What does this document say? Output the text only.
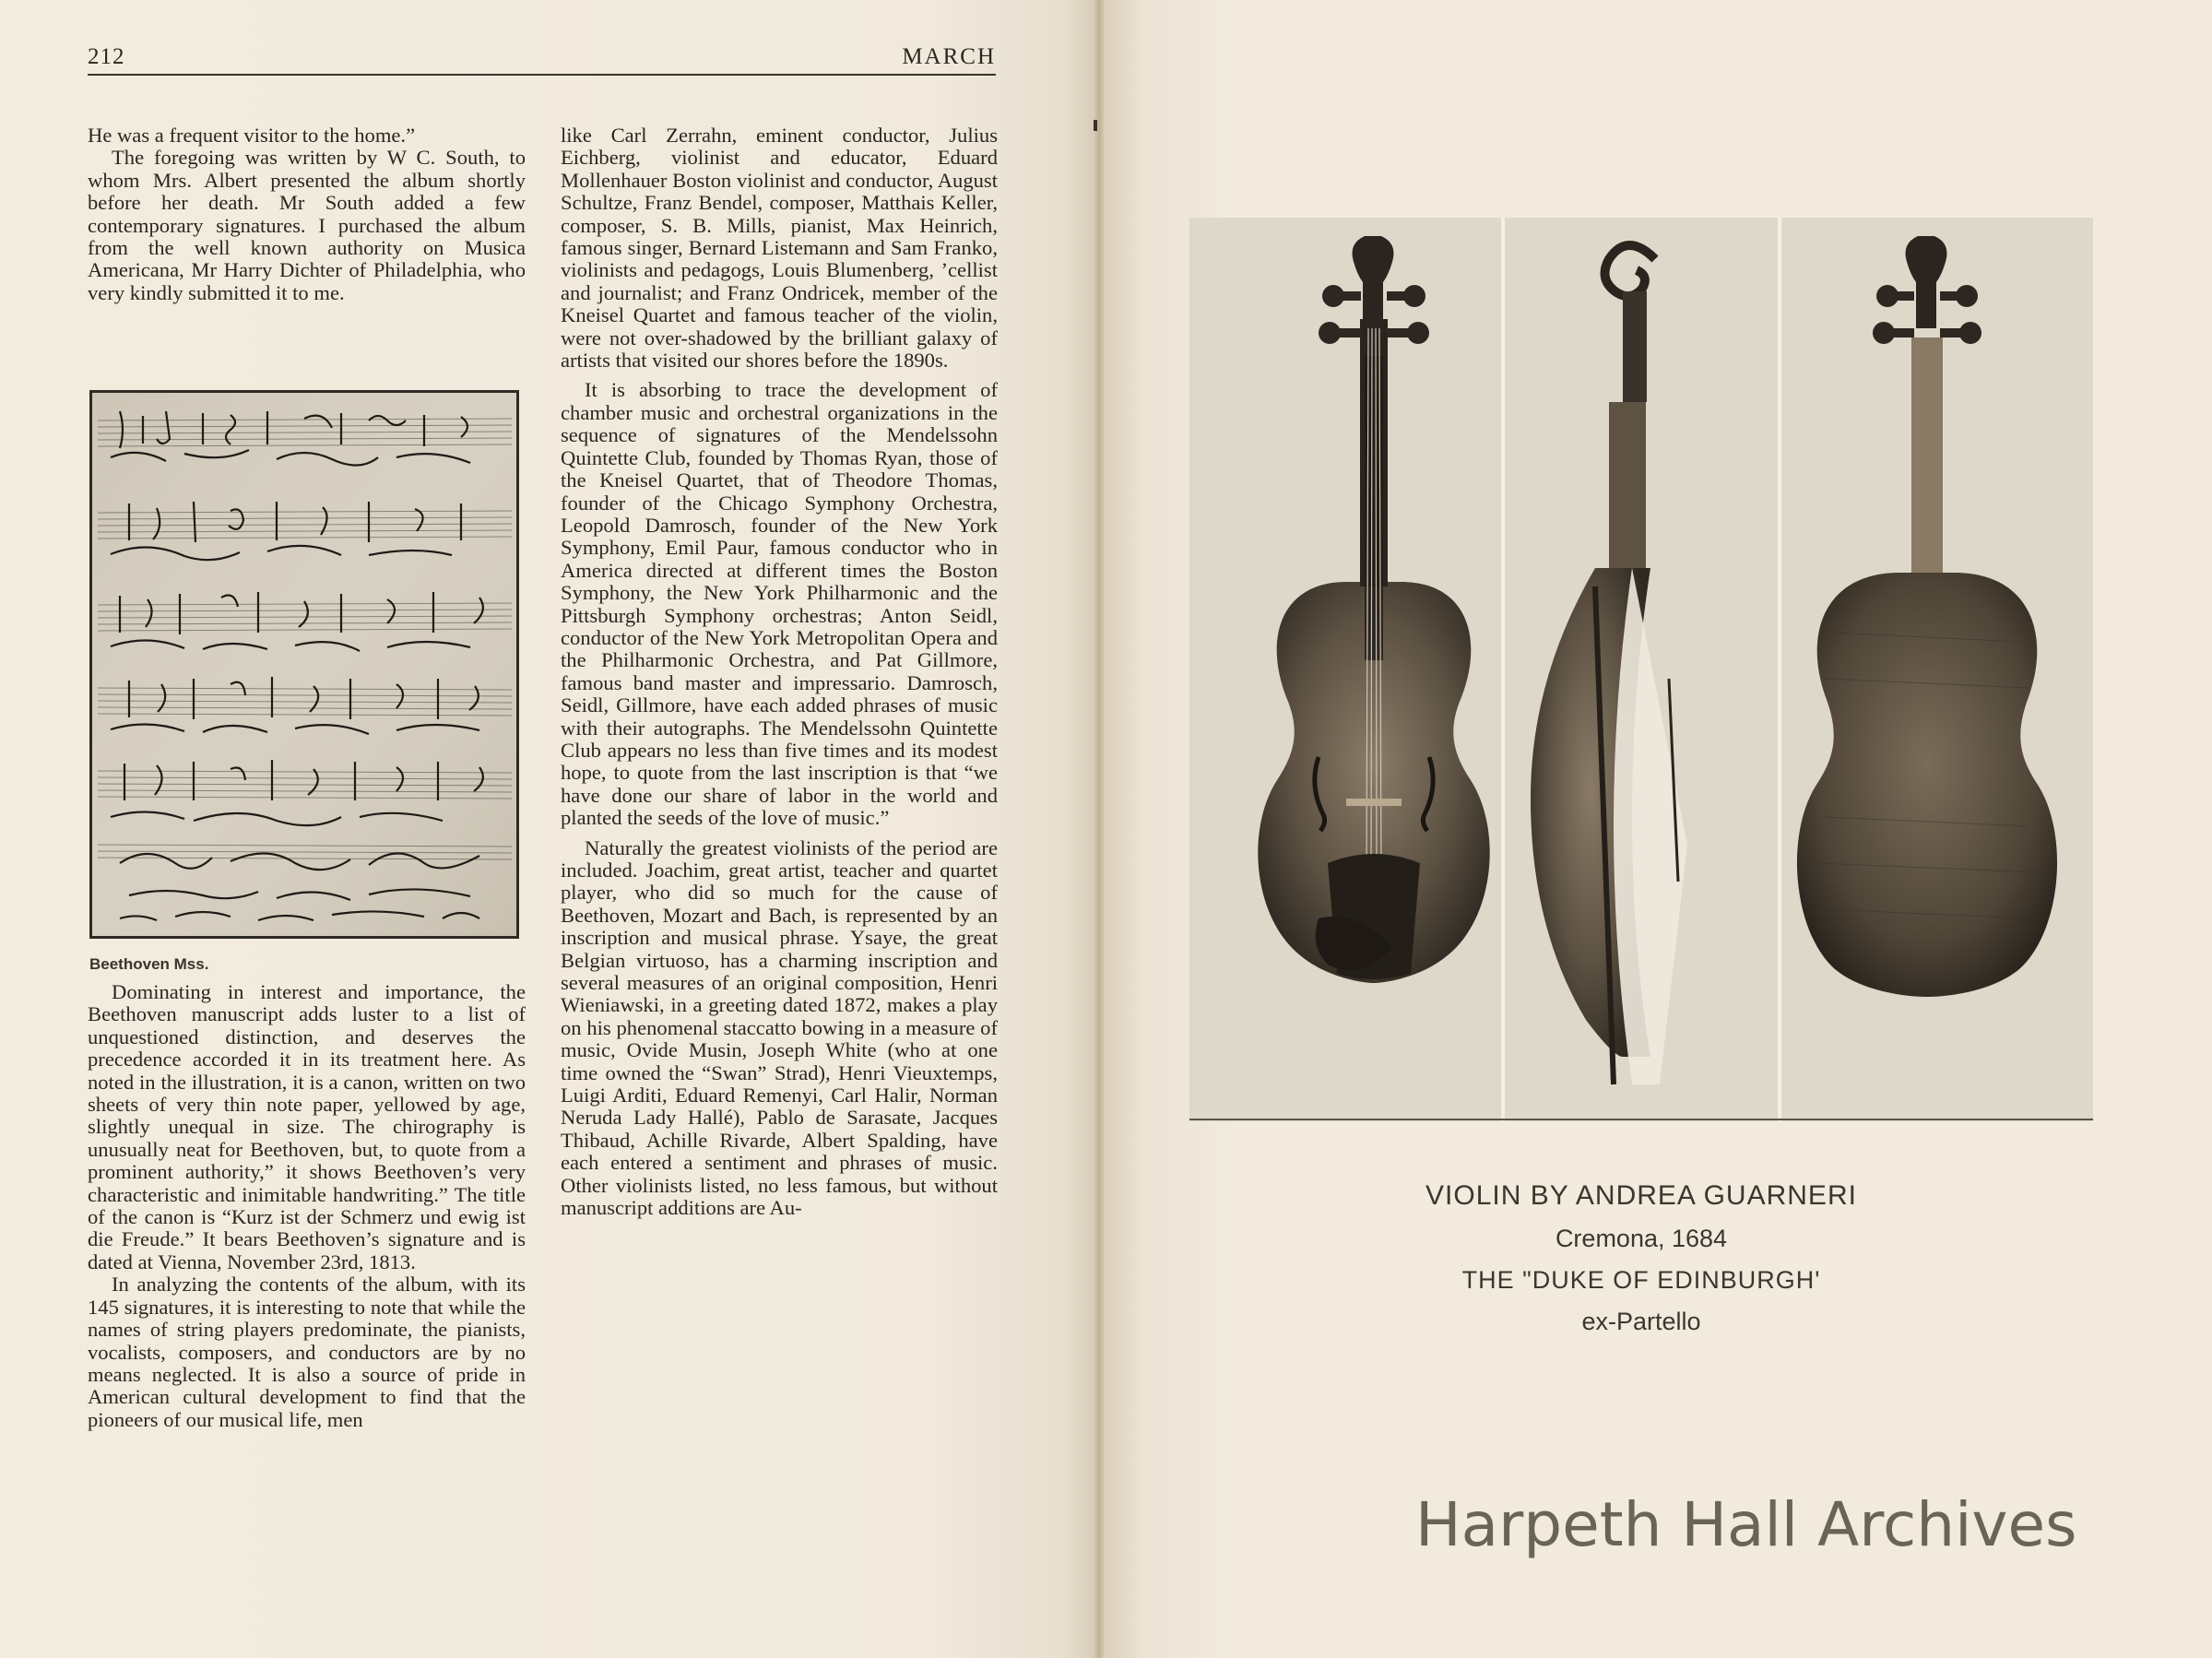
212	MARCH

He was a frequent visitor to the home.”

The foregoing was written by W C. South, to whom Mrs. Albert presented the album shortly before her death. Mr South added a few contemporary signatures. I purchased the album from the well known authority on Musica Americana, Mr Harry Dichter of Philadelphia, who very kindly submitted it to me.

Beethoven Mss.

Dominating in interest and importance, the Beethoven manuscript adds luster to a list of unquestioned distinction, and deserves the precedence accorded it in its treatment here. As noted in the illustration, it is a canon, written on two sheets of very thin note paper, yellowed by age, slightly unequal in size. The chirography is unusually neat for Beethoven, but, to quote from a prominent authority,” it shows Beethoven’s very characteristic and inimitable handwriting.” The title of the canon is “Kurz ist der Schmerz und ewig ist die Freude.” It bears Beethoven’s signature and is dated at Vienna, November 23rd, 1813.

In analyzing the contents of the album, with its 145 signatures, it is interesting to note that while the names of string players predominate, the pianists, vocalists, composers, and conductors are by no means neglected. It is also a source of pride in American cultural development to find that the pioneers of our musical life, men

like Carl Zerrahn, eminent conductor, Julius Eichberg, violinist and educator, Eduard Mollenhauer Boston violinist and conductor, August Schultze, Franz Bendel, composer, Matthais Keller, composer, S. B. Mills, pianist, Max Heinrich, famous singer, Bernard Listemann and Sam Franko, violinists and pedagogs, Louis Blumenberg, ’cellist and journalist; and Franz Ondricek, member of the Kneisel Quartet and famous teacher of the violin, were not over-shadowed by the brilliant galaxy of artists that visited our shores before the 1890s.

It is absorbing to trace the development of chamber music and orchestral organizations in the sequence of signatures of the Mendelssohn Quintette Club, founded by Thomas Ryan, those of the Kneisel Quartet, that of Theodore Thomas, founder of the Chicago Symphony Orchestra, Leopold Damrosch, founder of the New York Symphony, Emil Paur, famous conductor who in America directed at different times the Boston Symphony, the New York Philharmonic and the Pittsburgh Symphony orchestras; Anton Seidl, conductor of the New York Metropolitan Opera and the Philharmonic Orchestra, and Pat Gillmore, famous band master and impressario. Damrosch, Seidl, Gillmore, have each added phrases of music with their autographs. The Mendelssohn Quintette Club appears no less than five times and its modest hope, to quote from the last inscription is that “we have done our share of labor in the world and planted the seeds of the love of music.”

Naturally the greatest violinists of the period are included. Joachim, great artist, teacher and quartet player, who did so much for the cause of Beethoven, Mozart and Bach, is represented by an inscription and musical phrase. Ysaye, the great Belgian virtuoso, has a charming inscription and several measures of an original composition, Henri Wieniawski, in a greeting dated 1872, makes a play on his phenomenal staccatto bowing in a measure of music, Ovide Musin, Joseph White (who at one time owned the “Swan” Strad), Henri Vieuxtemps, Luigi Arditi, Eduard Remenyi, Carl Halir, Norman Neruda Lady Hallé), Pablo de Sarasate, Jacques Thibaud, Achille Rivarde, Albert Spalding, have each entered a sentiment and phrases of music. Other violinists listed, no less famous, but without manuscript additions are Au-	VIOLIN BY ANDREA GUARNERI
Cremona, 1684
THE "DUKE OF EDINBURGH'
ex-Partello
Harpeth Hall Archives
